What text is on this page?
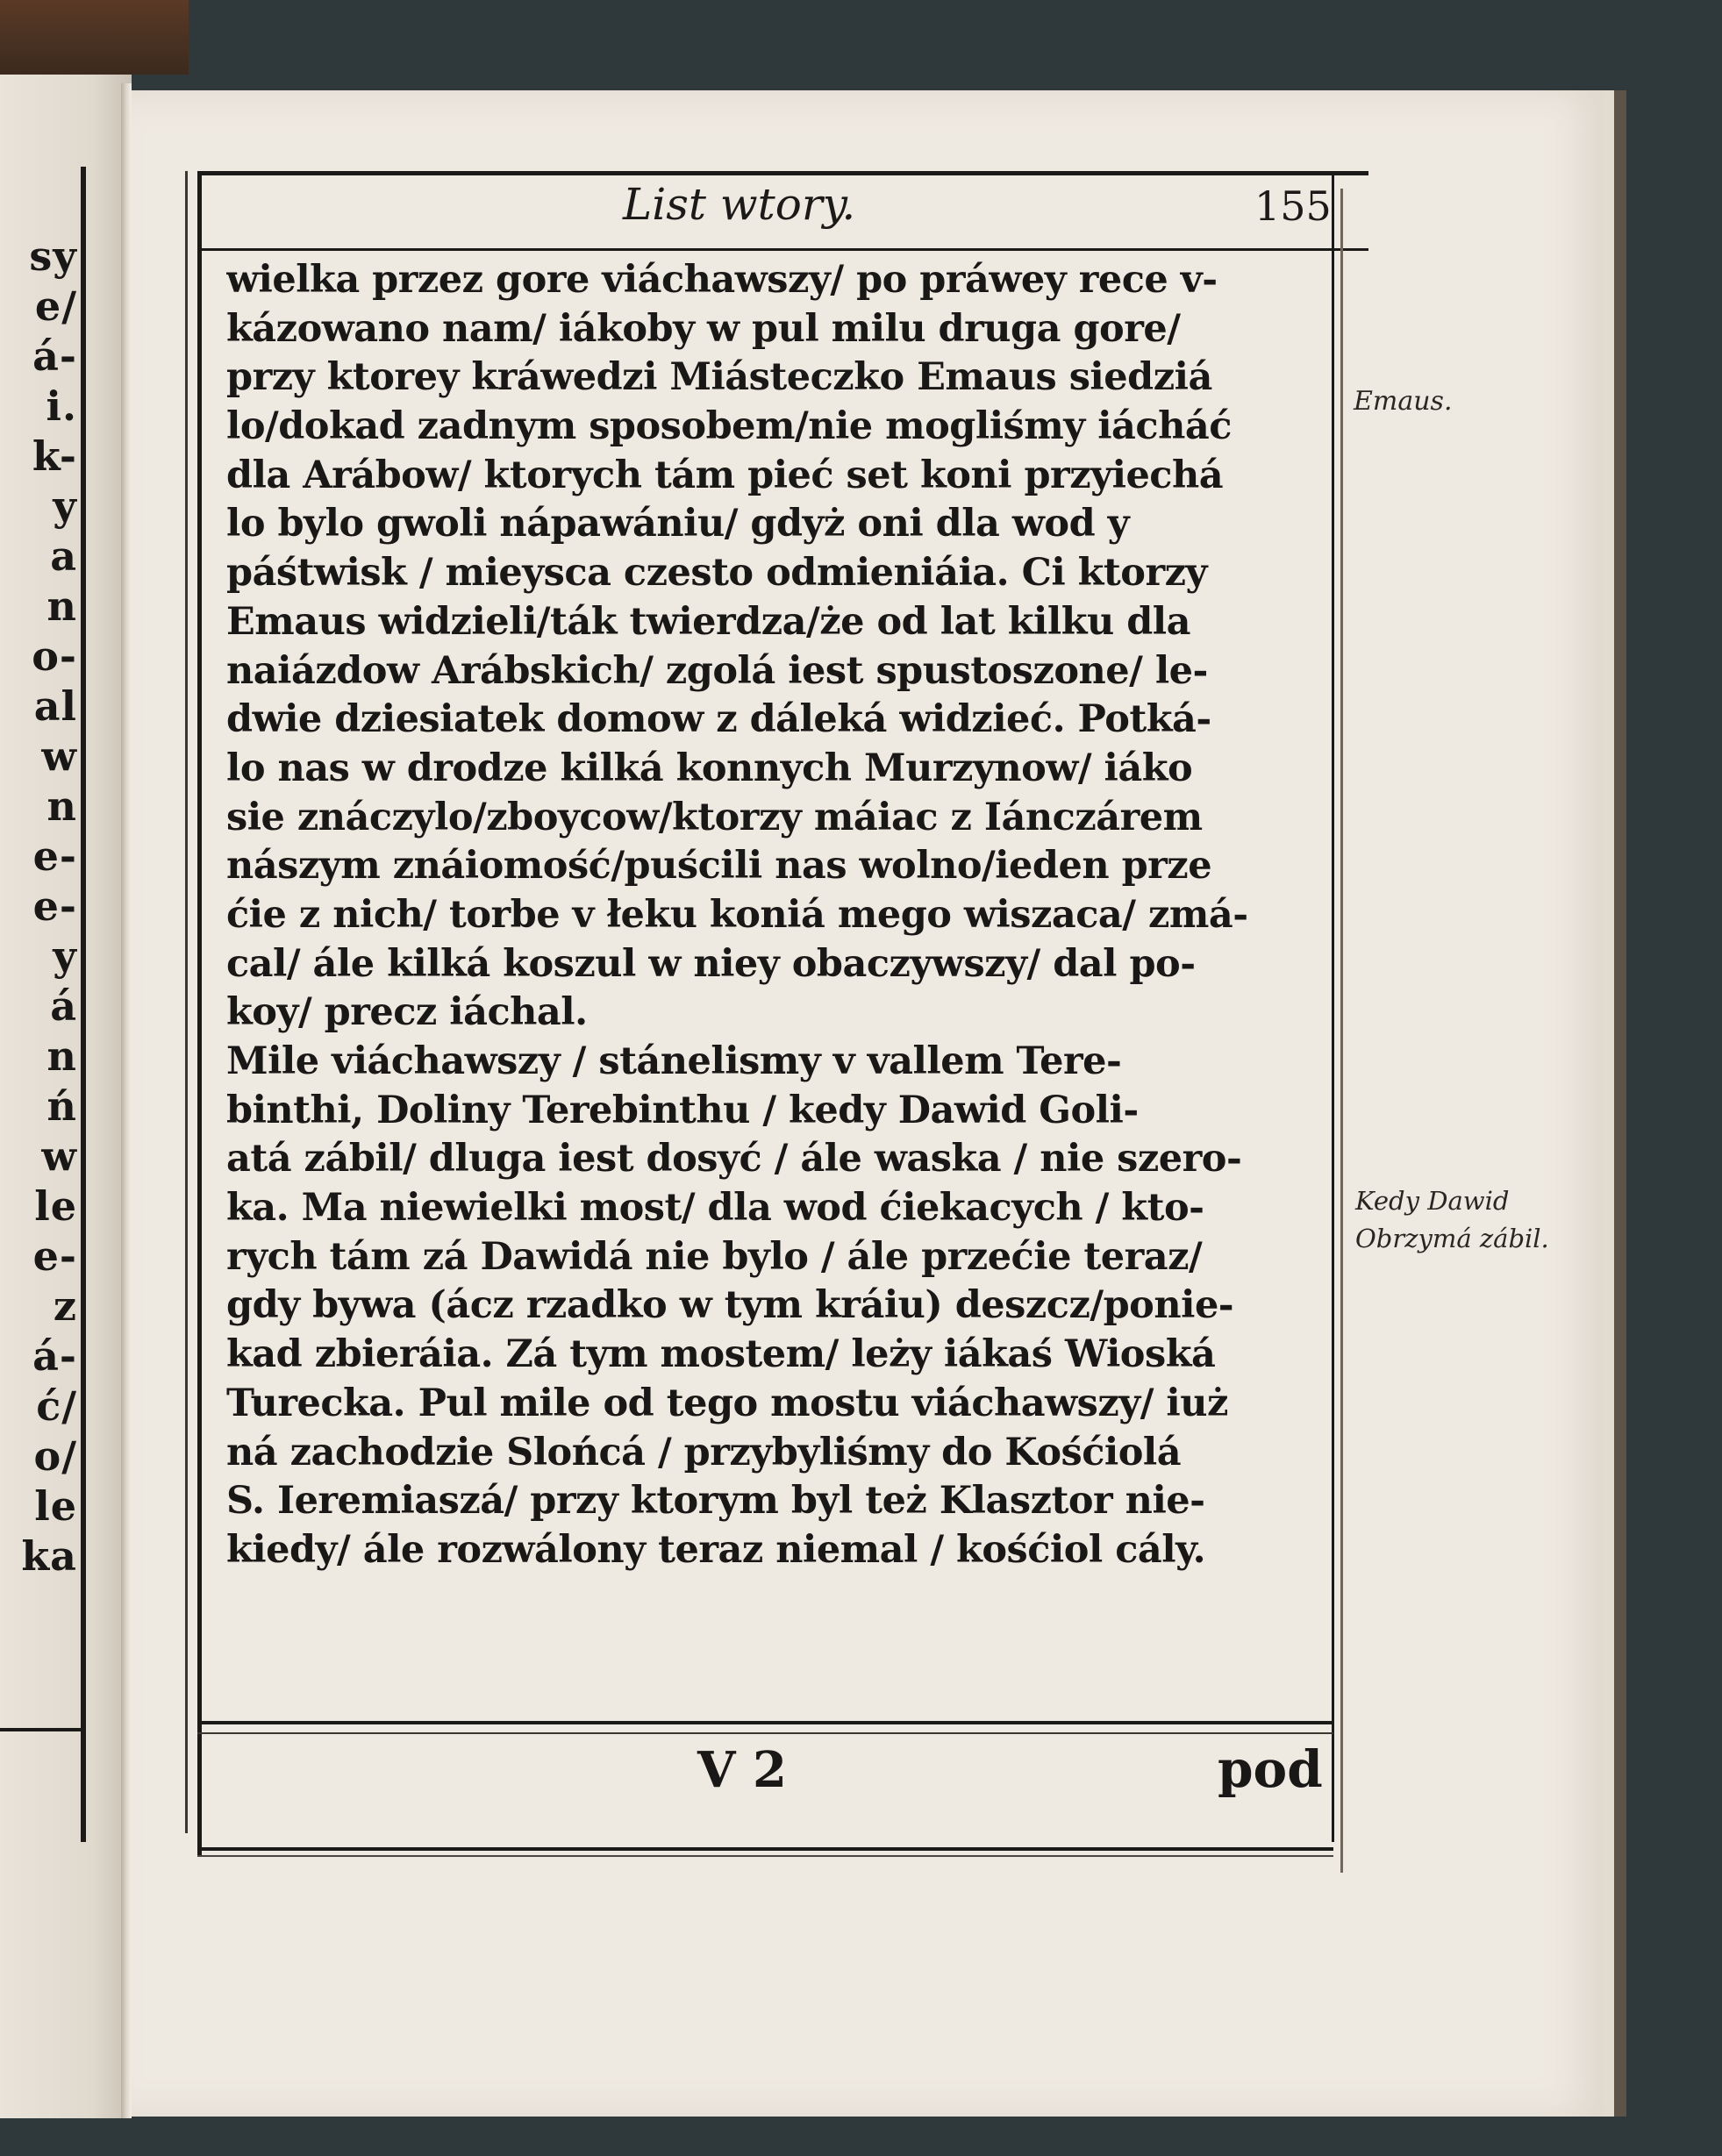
sy
e/
á-
i.
k-
y
a
n
o-
al
w
n
e-
e-
y
á
n
ń
w
le
e-
z
á-
ć/
o/
le
ka
List wtory.	155
wielka przez gore viáchawszy/ po práwey rece v-
kázowano nam/ iákoby w pul milu druga gore/
przy ktorey kráwedzi Miásteczko Emaus siedziá
lo/dokad zadnym sposobem/nie mogliśmy iácháć
dla Arábow/ ktorych tám pieć set koni przyiechá
lo bylo gwoli nápawániu/ gdyż oni dla wod y
páśtwisk / mieysca czesto odmieniáia. Ci ktorzy
Emaus widzieli/ták twierdza/że od lat kilku dla
naiázdow Arábskich/ zgolá iest spustoszone/ le-
dwie dziesiatek domow z dáleká widzieć. Potká-
lo nas w drodze kilká konnych Murzynow/ iáko
sie znáczylo/zboycow/ktorzy máiac z Iánczárem
nászym znáiomość/puścili nas wolno/ieden prze
ćie z nich/ torbe v łeku koniá mego wiszaca/ zmá-
cal/ ále kilká koszul w niey obaczywszy/ dal po-
koy/ precz iáchal.
Mile viáchawszy / stánelismy v vallem Tere-
binthi, Doliny Terebinthu / kedy Dawid Goli-
atá zábil/ dluga iest dosyć / ále waska / nie szero-
ka. Ma niewielki most/ dla wod ćiekacych / kto-
rych tám zá Dawidá nie bylo / ále przećie teraz/
gdy bywa (ácz rzadko w tym kráiu) deszcz/ponie-
kad zbieráia. Zá tym mostem/ leży iákaś Wioská
Turecka. Pul mile od tego mostu viáchawszy/ iuż
ná zachodzie Slońcá / przybyliśmy do Kośćiolá
S. Ieremiaszá/ przy ktorym byl też Klasztor nie-
kiedy/ ále rozwálony teraz niemal / kośćiol cály.
V 2	pod
Emaus.
Kedy Dawid
Obrzymá zábil.
